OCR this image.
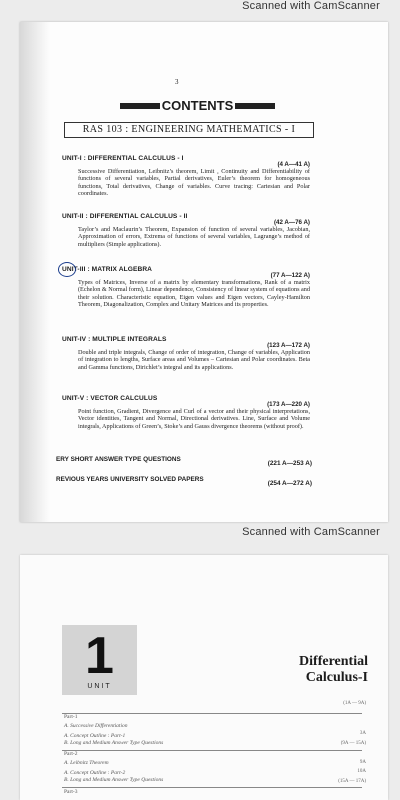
Scanned with CamScanner
3
CONTENTS
RAS 103 : ENGINEERING MATHEMATICS - I
UNIT-I : DIFFERENTIAL CALCULUS - I
(4 A—41 A)
Successive Differentiation, Leibnitz’s theorem, Limit , Continuity and Differentiability of functions of several variables, Partial derivatives, Euler’s theorem for homogeneous functions, Total derivatives, Change of variables. Curve tracing: Cartesian and Polar coordinates.
UNIT-II : DIFFERENTIAL CALCULUS - II
(42 A—76 A)
Taylor’s and Maclaurin’s Theorem, Expansion of function of several variables, Jacobian, Approximation of errors, Extrema of functions of several variables, Lagrange’s method of multipliers (Simple applications).
UNIT-III : MATRIX ALGEBRA
(77 A—122 A)
Types of Matrices, Inverse of a matrix by elementary transformations, Rank of a matrix (Echelon & Normal form), Linear dependence, Consistency of linear system of equations and their solution. Characteristic equation, Eigen values and Eigen vectors, Cayley-Hamilton Theorem, Diagonalization, Complex and Unitary Matrices and its properties.
UNIT-IV : MULTIPLE INTEGRALS
(123 A—172 A)
Double and triple integrals, Change of order of integration, Change of variables, Application of integration to lengths, Surface areas and Volumes – Cartesian and Polar coordinates. Beta and Gamma functions, Dirichlet’s integral and its applications.
UNIT-V : VECTOR CALCULUS
(173 A—220 A)
Point function, Gradient, Divergence and Curl of a vector and their physical interpretations, Vector identities, Tangent and Normal, Directional derivatives. Line, Surface and Volume integrals, Applications of Green’s, Stoke’s and Gauss divergence theorems (without proof).
ERY SHORT ANSWER TYPE QUESTIONS
(221 A—253 A)
REVIOUS YEARS UNIVERSITY SOLVED PAPERS
(254 A—272 A)
Scanned with CamScanner
1
UNIT
Differential
Calculus-I
Part-1
(1A — 9A)
A. Successive Differentiation
A. Concept Outline : Part-1	3A
B. Long and Medium Answer Type Questions	(9A — 15A)
Part-2
A. Leibnitz Theorem	9A
A. Concept Outline : Part-2	10A
B. Long and Medium Answer Type Questions	(15A — 17A)
Part-3
